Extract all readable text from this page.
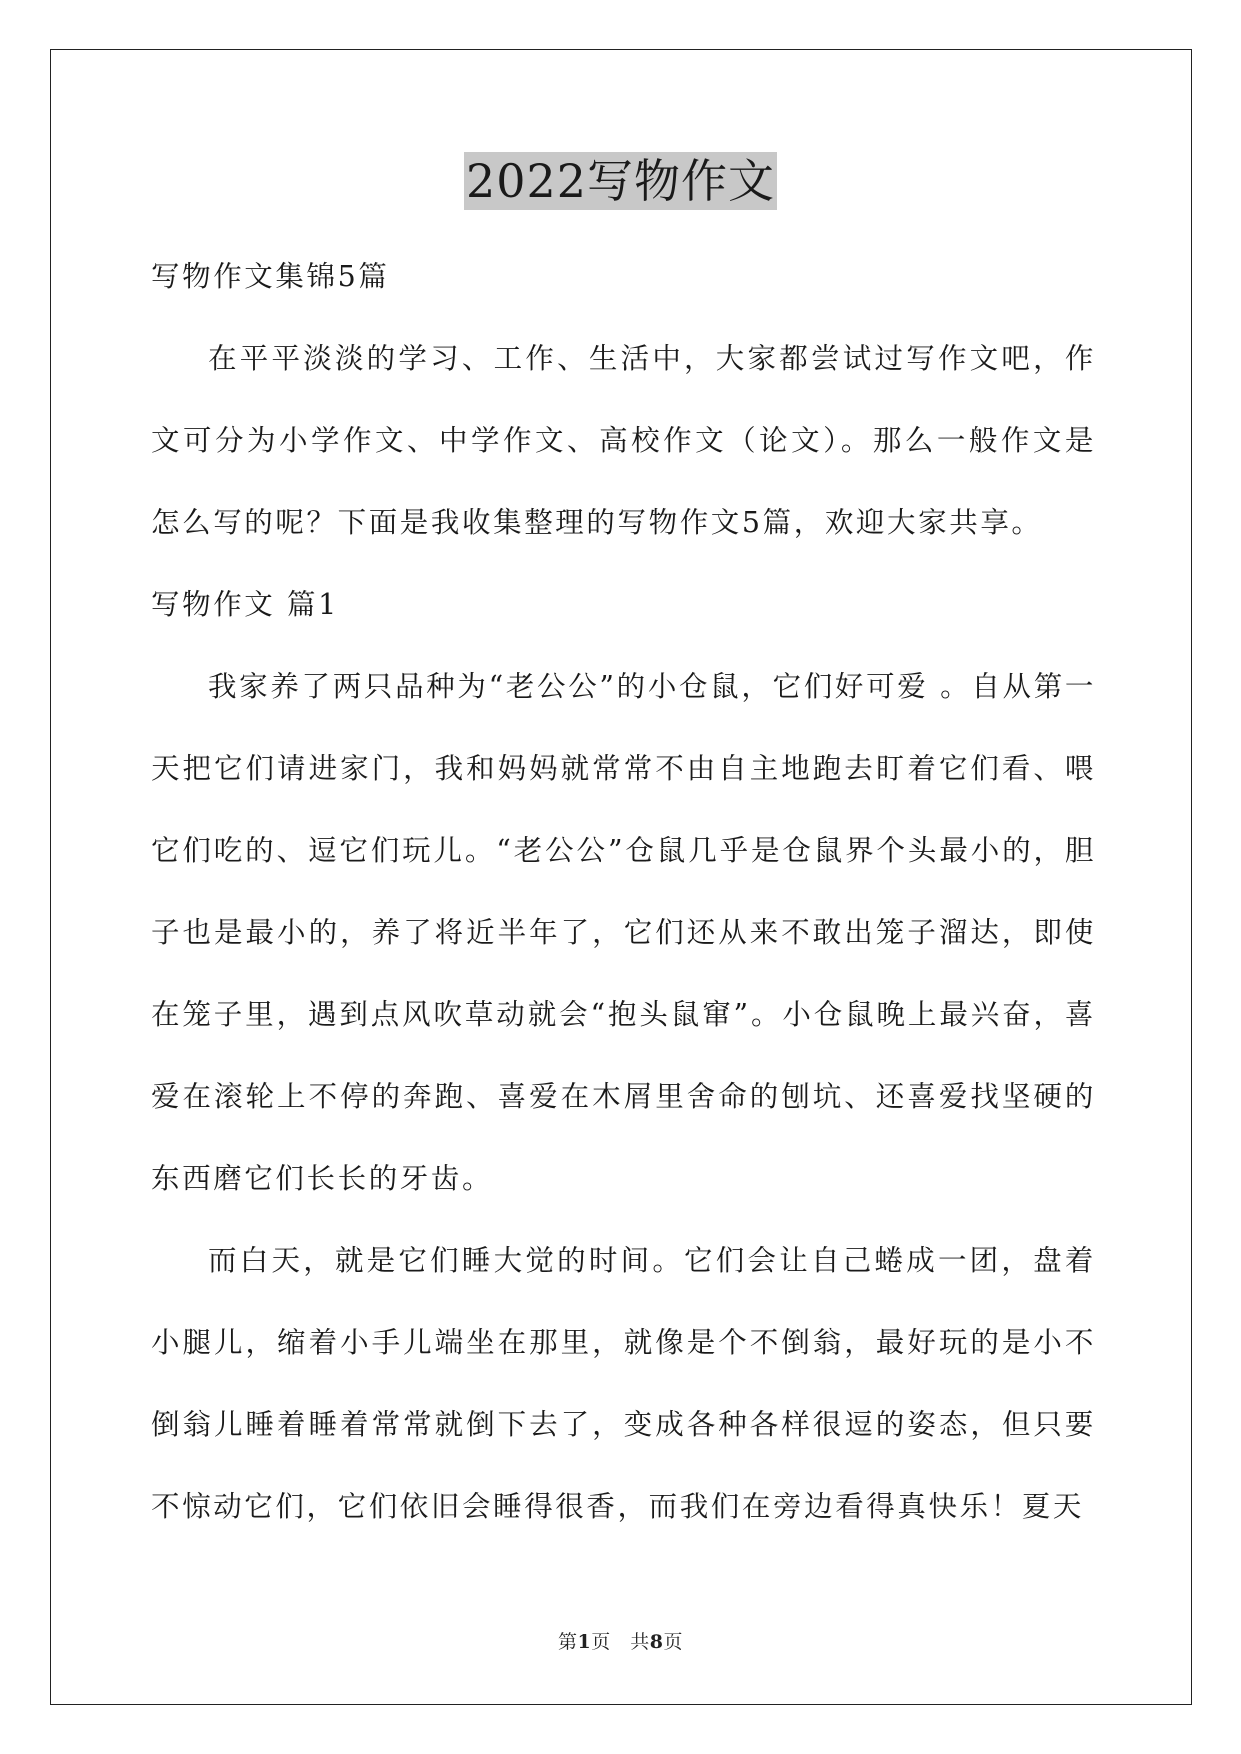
2022写物作文

写物作文集锦5篇

在平平淡淡的学习、工作、生活中，大家都尝试过写作文吧，作文可分为小学作文、中学作文、高校作文（论文）。那么一般作文是怎么写的呢？下面是我收集整理的写物作文5篇，欢迎大家共享。

写物作文 篇1

我家养了两只品种为“老公公”的小仓鼠，它们好可爱 。自从第一天把它们请进家门，我和妈妈就常常不由自主地跑去盯着它们看、喂它们吃的、逗它们玩儿。“老公公”仓鼠几乎是仓鼠界个头最小的，胆子也是最小的，养了将近半年了，它们还从来不敢出笼子溜达，即使在笼子里，遇到点风吹草动就会“抱头鼠窜”。小仓鼠晚上最兴奋，喜爱在滚轮上不停的奔跑、喜爱在木屑里舍命的刨坑、还喜爱找坚硬的东西磨它们长长的牙齿。

而白天，就是它们睡大觉的时间。它们会让自己蜷成一团，盘着小腿儿，缩着小手儿端坐在那里，就像是个不倒翁，最好玩的是小不倒翁儿睡着睡着常常就倒下去了，变成各种各样很逗的姿态，但只要不惊动它们，它们依旧会睡得很香，而我们在旁边看得真快乐！夏天

第1页　共8页
